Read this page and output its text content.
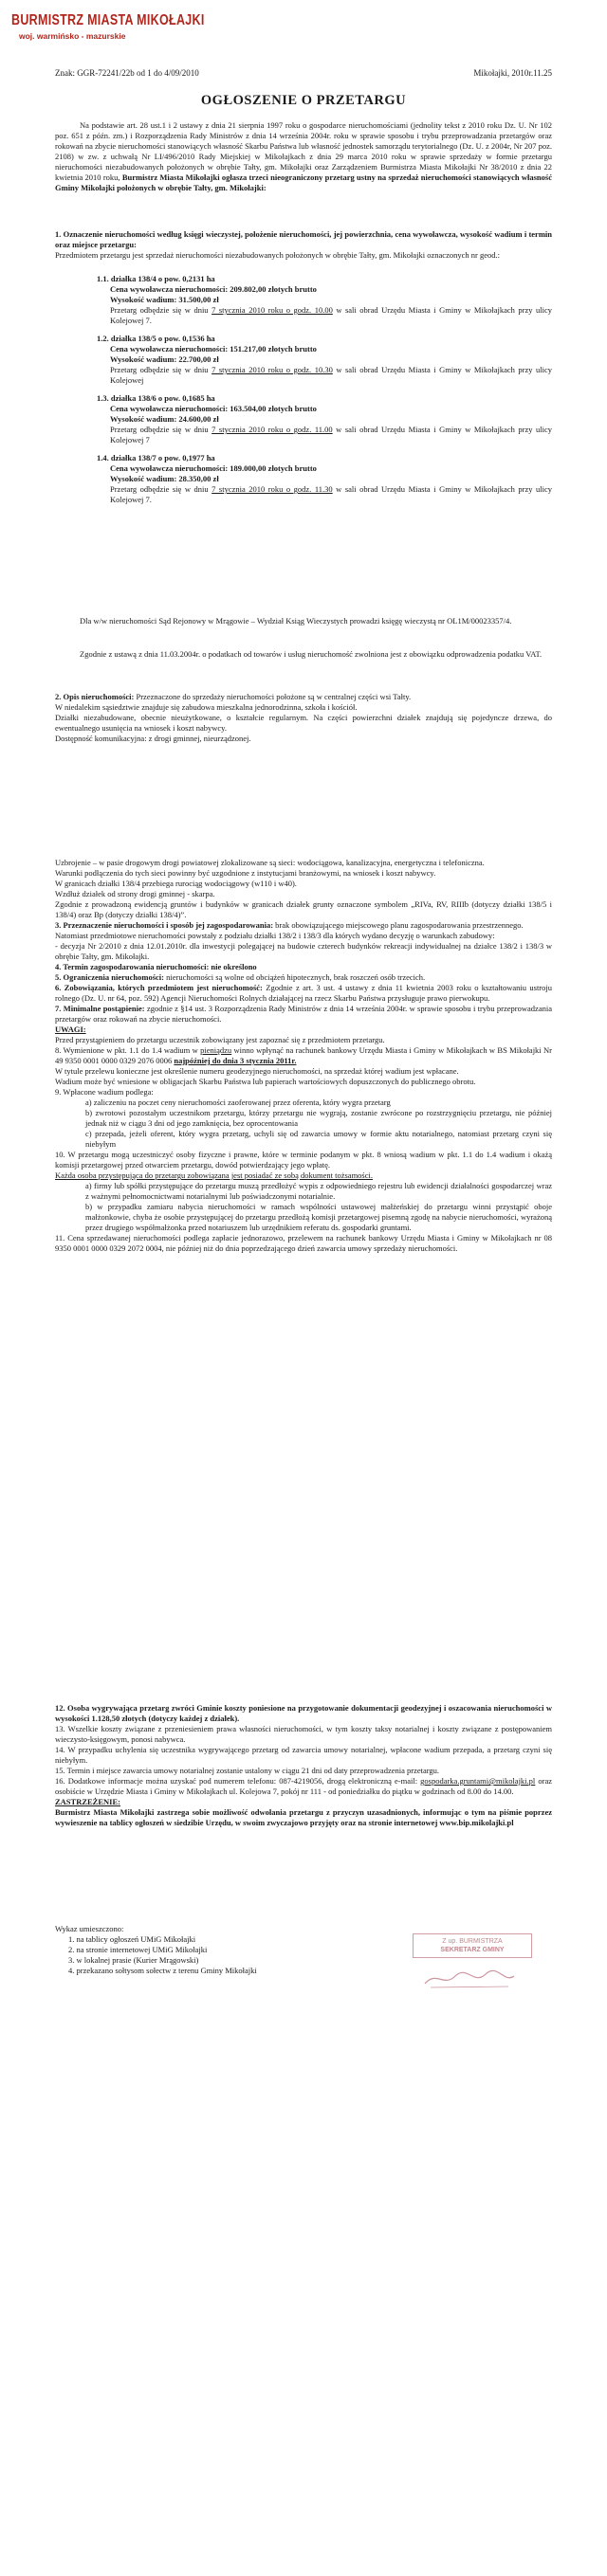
BURMISTRZ MIASTA MIKOŁAJKI
woj. warmińsko - mazurskie
Znak: GGR-72241/22b od 1 do 4/09/2010	Mikołajki, 2010r.11.25
OGŁOSZENIE O PRZETARGU
Na podstawie art. 28 ust.1 i 2 ustawy z dnia 21 sierpnia 1997 roku o gospodarce nieruchomościami (jednolity tekst z 2010 roku Dz. U. Nr 102 poz. 651 z późn. zm.) i Rozporządzenia Rady Ministrów z dnia 14 września 2004r. roku w sprawie sposobu i trybu przeprowadzania przetargów oraz rokowań na zbycie nieruchomości stanowiących własność Skarbu Państwa lub własność jednostek samorządu terytorialnego (Dz. U. z 2004r, Nr 207 poz. 2108) w zw. z uchwałą Nr LI/496/2010 Rady Miejskiej w Mikołajkach z dnia 29 marca 2010 roku w sprawie sprzedaży w formie przetargu nieruchomości niezabudowanych położonych w obrębie Tałty, gm. Mikołajki oraz Zarządzeniem Burmistrza Miasta Mikołajki Nr 38/2010 z dnia 22 kwietnia 2010 roku, Burmistrz Miasta Mikołajki ogłasza trzeci nieograniczony przetarg ustny na sprzedaż nieruchomości stanowiących własność Gminy Mikołajki położonych w obrębie Tałty, gm. Mikołajki:
1. Oznaczenie nieruchomości według księgi wieczystej, położenie nieruchomości, jej powierzchnia, cena wywoławcza, wysokość wadium i termin oraz miejsce przetargu:
Przedmiotem przetargu jest sprzedaż nieruchomości niezabudowanych położonych w obrębie Tałty, gm. Mikołajki oznaczonych nr geod.:
1.1. działka 138/4 o pow. 0,2131 ha
Cena wywoławcza nieruchomości: 209.802,00 złotych brutto
Wysokość wadium: 31.500,00 zł
Przetarg odbędzie się w dniu 7 stycznia 2010 roku o godz. 10.00 w sali obrad Urzędu Miasta i Gminy w Mikołajkach przy ulicy Kolejowej 7.
1.2. działka 138/5 o pow. 0,1536 ha
Cena wywoławcza nieruchomości: 151.217,00 złotych brutto
Wysokość wadium: 22.700,00 zł
Przetarg odbędzie się w dniu 7 stycznia 2010 roku o godz. 10.30 w sali obrad Urzędu Miasta i Gminy w Mikołajkach przy ulicy Kolejowej
1.3. działka 138/6 o pow. 0,1685 ha
Cena wywoławcza nieruchomości: 163.504,00 złotych brutto
Wysokość wadium: 24.600,00 zł
Przetarg odbędzie się w dniu 7 stycznia 2010 roku o godz. 11.00 w sali obrad Urzędu Miasta i Gminy w Mikołajkach przy ulicy Kolejowej 7
1.4. działka 138/7 o pow. 0,1977 ha
Cena wywoławcza nieruchomości: 189.000,00 złotych brutto
Wysokość wadium: 28.350,00 zł
Przetarg odbędzie się w dniu 7 stycznia 2010 roku o godz. 11.30 w sali obrad Urzędu Miasta i Gminy w Mikołajkach przy ulicy Kolejowej 7.
Dla w/w nieruchomości Sąd Rejonowy w Mrągowie – Wydział Ksiąg Wieczystych prowadzi księgę wieczystą nr OL1M/00023357/4.
Zgodnie z ustawą z dnia 11.03.2004r. o podatkach od towarów i usług nieruchomość zwolniona jest z obowiązku odprowadzenia podatku VAT.

2. Opis nieruchomości: Przeznaczone do sprzedaży nieruchomości położone są w centralnej części wsi Tałty.

W niedalekim sąsiedztwie znajduje się zabudowa mieszkalna jednorodzinna, szkoła i kościół.

Działki niezabudowane, obecnie nieużytkowane, o kształcie regularnym. Na części powierzchni działek znajdują się pojedyncze drzewa, do ewentualnego usunięcia na wniosek i koszt nabywcy.

Dostępność komunikacyjna: z drogi gminnej, nieurządzonej.

Uzbrojenie – w pasie drogowym drogi powiatowej zlokalizowane są sieci: wodociągowa, kanalizacyjna, energetyczna i telefoniczna.

Warunki podłączenia do tych sieci powinny być uzgodnione z instytucjami branżowymi, na wniosek i koszt nabywcy.

W granicach działki 138/4 przebiega rurociąg wodociągowy (w110 i w40).

Wzdłuż działek od strony drogi gminnej - skarpa.

Zgodnie z prowadzoną ewidencją gruntów i budynków w granicach działek grunty oznaczone symbolem „RIVa, RV, RIIIb (dotyczy działki 138/5 i 138/4) oraz Bp (dotyczy działki 138/4)”.

3. Przeznaczenie nieruchomości i sposób jej zagospodarowania: brak obowiązującego miejscowego planu zagospodarowania przestrzennego.

Natomiast przedmiotowe nieruchomości powstały z podziału działki 138/2 i 138/3 dla których wydano decyzję o warunkach zabudowy:

- decyzja Nr 2/2010 z dnia 12.01.2010r. dla inwestycji polegającej na budowie czterech budynków rekreacji indywidualnej na działce 138/2 i 138/3 w obrębie Tałty, gm. Mikołajki.

4. Termin zagospodarowania nieruchomości: nie określono

5. Ograniczenia nieruchomości: nieruchomości są wolne od obciążeń hipotecznych, brak roszczeń osób trzecich.

6. Zobowiązania, których przedmiotem jest nieruchomość: Zgodnie z art. 3 ust. 4 ustawy z dnia 11 kwietnia 2003 roku o kształtowaniu ustroju rolnego (Dz. U. nr 64, poz. 592) Agencji Nieruchomości Rolnych działającej na rzecz Skarbu Państwa przysługuje prawo pierwokupu.

7. Minimalne postąpienie: zgodnie z §14 ust. 3 Rozporządzenia Rady Ministrów z dnia 14 września 2004r. w sprawie sposobu i trybu przeprowadzania przetargów oraz rokowań na zbycie nieruchomości.

UWAGI:

Przed przystąpieniem do przetargu uczestnik zobowiązany jest zapoznać się z przedmiotem przetargu.

8. Wymienione w pkt. 1.1 do 1.4 wadium w pieniądzu winno wpłynąć na rachunek bankowy Urzędu Miasta i Gminy w Mikołajkach w BS Mikołajki Nr 49 9350 0001 0000 0329 2076 0006 najpóźniej do dnia 3 stycznia 2011r.

W tytule przelewu konieczne jest określenie numeru geodezyjnego nieruchomości, na sprzedaż której wadium jest wpłacane.

Wadium może być wniesione w obligacjach Skarbu Państwa lub papierach wartościowych dopuszczonych do publicznego obrotu.

9. Wpłacone wadium podlega:

a) zaliczeniu na poczet ceny nieruchomości zaoferowanej przez oferenta, który wygra przetarg

b) zwrotowi pozostałym uczestnikom przetargu, którzy przetargu nie wygrają, zostanie zwrócone po rozstrzygnięciu przetargu, nie później jednak niż w ciągu 3 dni od jego zamknięcia, bez oprocentowania

c) przepada, jeżeli oferent, który wygra przetarg, uchyli się od zawarcia umowy w formie aktu notarialnego, natomiast przetarg czyni się niebyłym

10. W przetargu mogą uczestniczyć osoby fizyczne i prawne, które w terminie podanym w pkt. 8 wniosą wadium w pkt. 1.1 do 1.4 wadium i okażą komisji przetargowej przed otwarciem przetargu, dowód potwierdzający jego wpłatę.

Każda osoba przystępująca do przetargu zobowiązana jest posiadać ze sobą dokument tożsamości.

a) firmy lub spółki przystępujące do przetargu muszą przedłożyć wypis z odpowiedniego rejestru lub ewidencji działalności gospodarczej wraz z ważnymi pełnomocnictwami notarialnymi lub poświadczonymi notarialnie.

b) w przypadku zamiaru nabycia nieruchomości w ramach wspólności ustawowej małżeńskiej do przetargu winni przystąpić oboje małżonkowie, chyba że osobie przystępującej do przetargu przedłożą komisji przetargowej pisemną zgodę na nabycie nieruchomości, wyrażoną przez drugiego współmałżonka przed notariuszem lub urzędnikiem referatu ds. gospodarki gruntami.

11. Cena sprzedawanej nieruchomości podlega zapłacie jednorazowo, przelewem na rachunek bankowy Urzędu Miasta i Gminy w Mikołajkach nr 08 9350 0001 0000 0329 2072 0004, nie później niż do dnia poprzedzającego dzień zawarcia umowy sprzedaży nieruchomości.

12. Osoba wygrywająca przetarg zwróci Gminie koszty poniesione na przygotowanie dokumentacji geodezyjnej i oszacowania nieruchomości w wysokości 1.128,50 złotych (dotyczy każdej z działek).

13. Wszelkie koszty związane z przeniesieniem prawa własności nieruchomości, w tym koszty taksy notarialnej i koszty związane z postępowaniem wieczysto-księgowym, ponosi nabywca.

14. W przypadku uchylenia się uczestnika wygrywającego przetarg od zawarcia umowy notarialnej, wpłacone wadium przepada, a przetarg czyni się niebyłym.

15. Termin i miejsce zawarcia umowy notarialnej zostanie ustalony w ciągu 21 dni od daty przeprowadzenia przetargu.

16. Dodatkowe informacje można uzyskać pod numerem telefonu: 087-4219056, drogą elektroniczną e-mail: gospodarka.gruntami@mikolajki.pl oraz osobiście w Urzędzie Miasta i Gminy w Mikołajkach ul. Kolejowa 7, pokój nr 111 - od poniedziałku do piątku w godzinach od 8.00 do 14.00.

ZASTRZEŻENIE:

Burmistrz Miasta Mikołajki zastrzega sobie możliwość odwołania przetargu z przyczyn uzasadnionych, informując o tym na piśmie poprzez wywieszenie na tablicy ogłoszeń w siedzibie Urzędu, w swoim zwyczajowo przyjęty oraz na stronie internetowej www.bip.mikolajki.pl

Wykaz umieszczono:

1. na tablicy ogłoszeń UMiG Mikołajki

2. na stronie internetowej UMiG Mikołajki

3. w lokalnej prasie (Kurier Mrągowski)

4. przekazano sołtysom sołectw z terenu Gminy Mikołajki

Z up. BURMISTRZA
SEKRETARZ GMINY
